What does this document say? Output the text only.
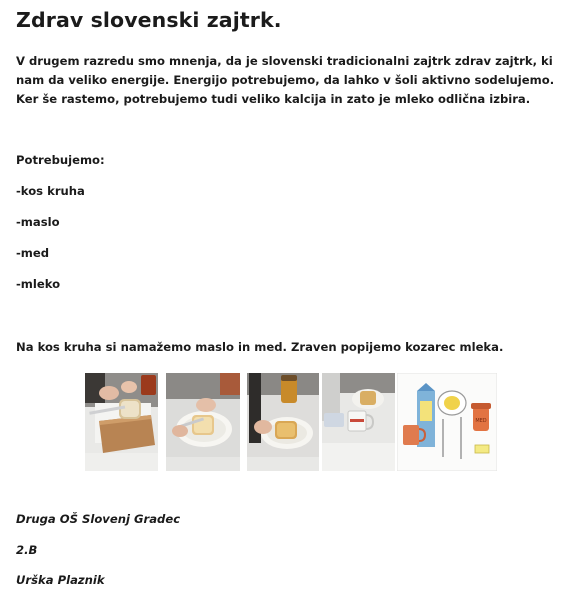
Zdrav slovenski zajtrk.

V drugem razredu smo mnenja, da je slovenski tradicionalni zajtrk zdrav zajtrk, ki nam da veliko energije. Energijo potrebujemo, da lahko v šoli aktivno sodelujemo. Ker še rastemo, potrebujemo tudi veliko kalcija in zato je mleko odlična izbira.

Potrebujemo:

-kos kruha

-maslo

-med

-mleko

Na kos kruha si namažemo maslo in med. Zraven popijemo kozarec mleka.

MED

Druga OŠ Slovenj Gradec

2.B

Urška Plaznik
